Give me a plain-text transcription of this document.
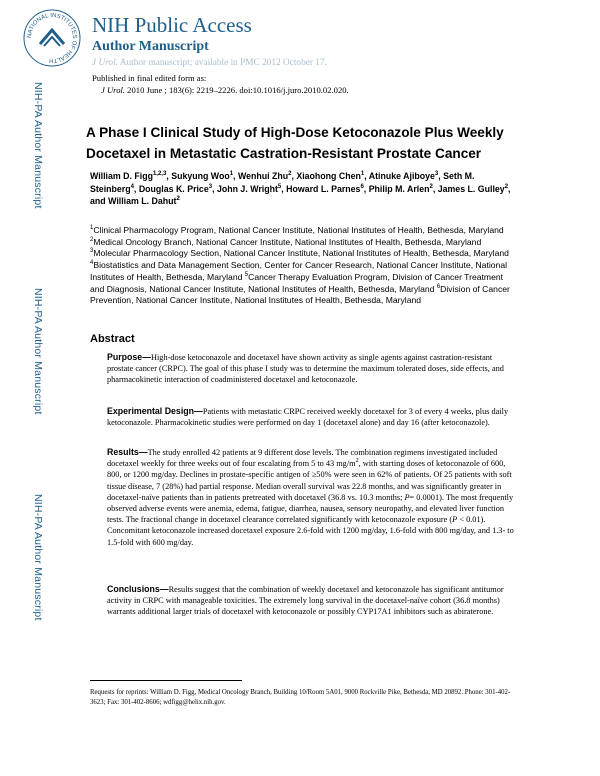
NATIONAL INSTITUTES OF HEALTH
NIH Public Access
Author Manuscript
J Urol. Author manuscript; available in PMC 2012 October 17.
Published in final edited form as:
J Urol. 2010 June ; 183(6): 2219–2226. doi:10.1016/j.juro.2010.02.020.
NIH-PA Author Manuscript
NIH-PA Author Manuscript
NIH-PA Author Manuscript
A Phase I Clinical Study of High-Dose Ketoconazole Plus Weekly Docetaxel in Metastatic Castration-Resistant Prostate Cancer
William D. Figg$^{1,2,3}$, Sukyung Woo$^1$, Wenhui Zhu$^2$, Xiaohong Chen$^1$, Atinuke Ajiboye$^3$, Seth M. Steinberg$^4$, Douglas K. Price$^3$, John J. Wright$^5$, Howard L. Parnes$^6$, Philip M. Arlen$^2$, James L. Gulley$^2$, and William L. Dahut$^2$
$^1$Clinical Pharmacology Program, National Cancer Institute, National Institutes of Health, Bethesda, Maryland $^2$Medical Oncology Branch, National Cancer Institute, National Institutes of Health, Bethesda, Maryland $^3$Molecular Pharmacology Section, National Cancer Institute, National Institutes of Health, Bethesda, Maryland $^4$Biostatistics and Data Management Section, Center for Cancer Research, National Cancer Institute, National Institutes of Health, Bethesda, Maryland $^5$Cancer Therapy Evaluation Program, Division of Cancer Treatment and Diagnosis, National Cancer Institute, National Institutes of Health, Bethesda, Maryland $^6$Division of Cancer Prevention, National Cancer Institute, National Institutes of Health, Bethesda, Maryland
Abstract
Purpose—High-dose ketoconazole and docetaxel have shown activity as single agents against castration-resistant prostate cancer (CRPC). The goal of this phase I study was to determine the maximum tolerated doses, side effects, and pharmacokinetic interaction of coadministered docetaxel and ketoconazole.
Experimental Design—Patients with metastatic CRPC received weekly docetaxel for 3 of every 4 weeks, plus daily ketoconazole. Pharmacokinetic studies were performed on day 1 (docetaxel alone) and day 16 (after ketoconazole).
Results—The study enrolled 42 patients at 9 different dose levels. The combination regimens investigated included docetaxel weekly for three weeks out of four escalating from 5 to 43 $mg/m^2$, with starting doses of ketoconazole of 600, 800, or 1200 mg/day. Declines in prostate-specific antigen of ≥50% were seen in 62% of patients. Of 25 patients with soft tissue disease, 7 (28%) had partial response. Median overall survival was 22.8 months, and was significantly greater in docetaxel-naïve patients than in patients pretreated with docetaxel (36.8 vs. 10.3 months; P= 0.0001). The most frequently observed adverse events were anemia, edema, fatigue, diarrhea, nausea, sensory neuropathy, and elevated liver function tests. The fractional change in docetaxel clearance correlated significantly with ketoconazole exposure (P < 0.01). Concomitant ketoconazole increased docetaxel exposure 2.6-fold with 1200 mg/day, 1.6-fold with 800 mg/day, and 1.3- to 1.5-fold with 600 mg/day.
Conclusions—Results suggest that the combination of weekly docetaxel and ketoconazole has significant antitumor activity in CRPC with manageable toxicities. The extremely long survival in the docetaxel-naïve cohort (36.8 months) warrants additional larger trials of docetaxel with ketoconazole or possibly CYP17A1 inhibitors such as abiraterone.
Requests for reprints: William D. Figg, Medical Oncology Branch, Building 10/Room 5A01, 9000 Rockville Pike, Bethesda, MD 20892. Phone: 301-402-3623; Fax: 301-402-8606; wdfigg@helix.nih.gov.
